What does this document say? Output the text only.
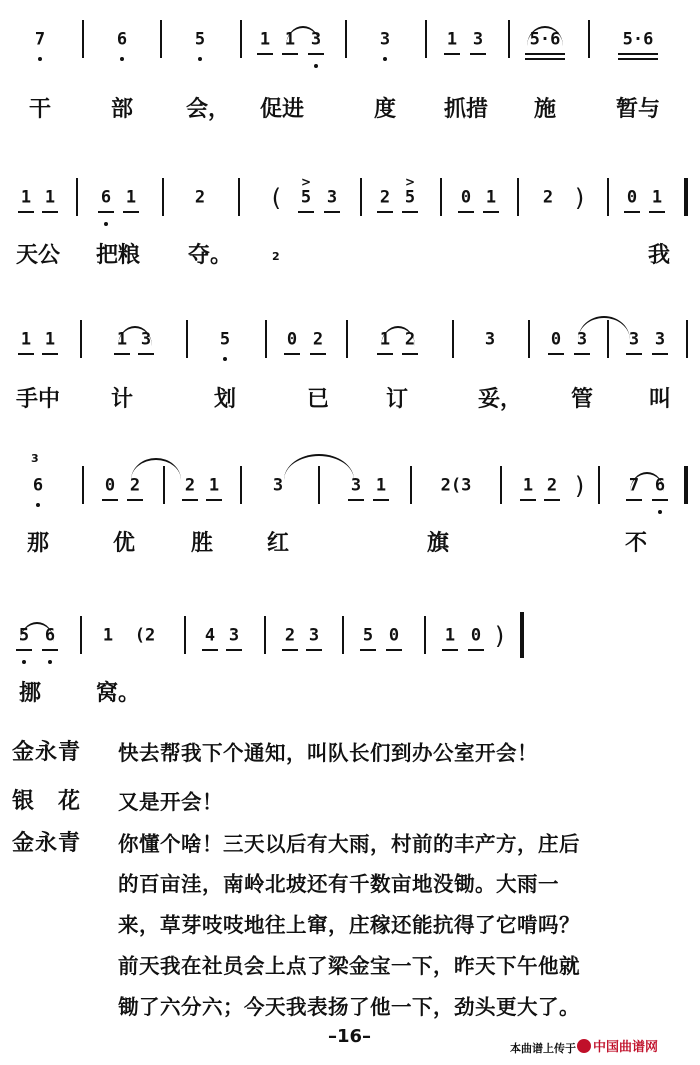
7	6	5	1 1 3	3	1 3	5·6	5·6
干	部 会， 促进	度 抓措 施	暂与
1 1	6 1	2	( 5
>
3	2 5
>
0 1	2 ) 0 1
天公 把粮 夺。	我
1 1	1 3	5	0 2	1 2	3	0 3 3 3
手中 计	划	已	订	妥， 管	叫
3
6	0 2	2 1	3	3 1	2(3	1 2 ) 7 6
那	优	胜 红	旗	不
5 6	1 (2	4 3	2 3	5 0	1 0 )
挪 窝。
2
金永青 快去帮我下个通知，叫队长们到办公室开会！
银　花 又是开会！
金永青 你懂个啥！三天以后有大雨，村前的丰产方，庄后
的百亩洼，南岭北坡还有千数亩地没锄。大雨一
来，草芽吱吱地往上窜，庄稼还能抗得了它啃吗？
前天我在社员会上点了梁金宝一下，昨天下午他就
锄了六分六；今天我表扬了他一下，劲头更大了。
–16–
本曲谱上传于	中国曲谱网
